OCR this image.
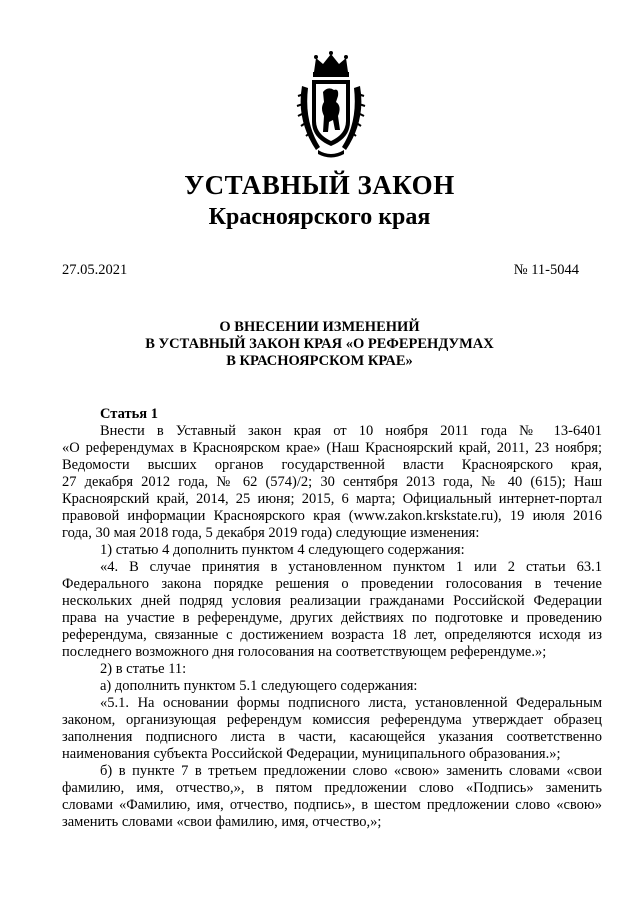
УСТАВНЫЙ ЗАКОН
Красноярского края
27.05.2021	№ 11-5044
О ВНЕСЕНИИ ИЗМЕНЕНИЙ
В УСТАВНЫЙ ЗАКОН КРАЯ «О РЕФЕРЕНДУМАХ
В КРАСНОЯРСКОМ КРАЕ»
Статья 1
Внести в Уставный закон края от 10 ноября 2011 года № 13-6401
«О референдумах в Красноярском крае» (Наш Красноярский край, 2011, 23 ноября;
Ведомости высших органов государственной власти Красноярского края,
27 декабря 2012 года, № 62 (574)/2; 30 сентября 2013 года, № 40 (615); Наш
Красноярский край, 2014, 25 июня; 2015, 6 марта; Официальный интернет-портал
правовой информации Красноярского края (www.zakon.krskstate.ru), 19 июля 2016
года, 30 мая 2018 года, 5 декабря 2019 года) следующие изменения:
1) статью 4 дополнить пунктом 4 следующего содержания:
«4. В случае принятия в установленном пунктом 1 или 2 статьи 63.1
Федерального закона порядке решения о проведении голосования в течение
нескольких дней подряд условия реализации гражданами Российской Федерации
права на участие в референдуме, других действиях по подготовке и проведению
референдума, связанные с достижением возраста 18 лет, определяются исходя из
последнего возможного дня голосования на соответствующем референдуме.»;
2) в статье 11:
а) дополнить пунктом 5.1 следующего содержания:
«5.1. На основании формы подписного листа, установленной Федеральным
законом, организующая референдум комиссия референдума утверждает образец
заполнения подписного листа в части, касающейся указания соответственно
наименования субъекта Российской Федерации, муниципального образования.»;
б) в пункте 7 в третьем предложении слово «свою» заменить словами «свои
фамилию, имя, отчество,», в пятом предложении слово «Подпись» заменить
словами «Фамилию, имя, отчество, подпись», в шестом предложении слово «свою»
заменить словами «свои фамилию, имя, отчество,»;
